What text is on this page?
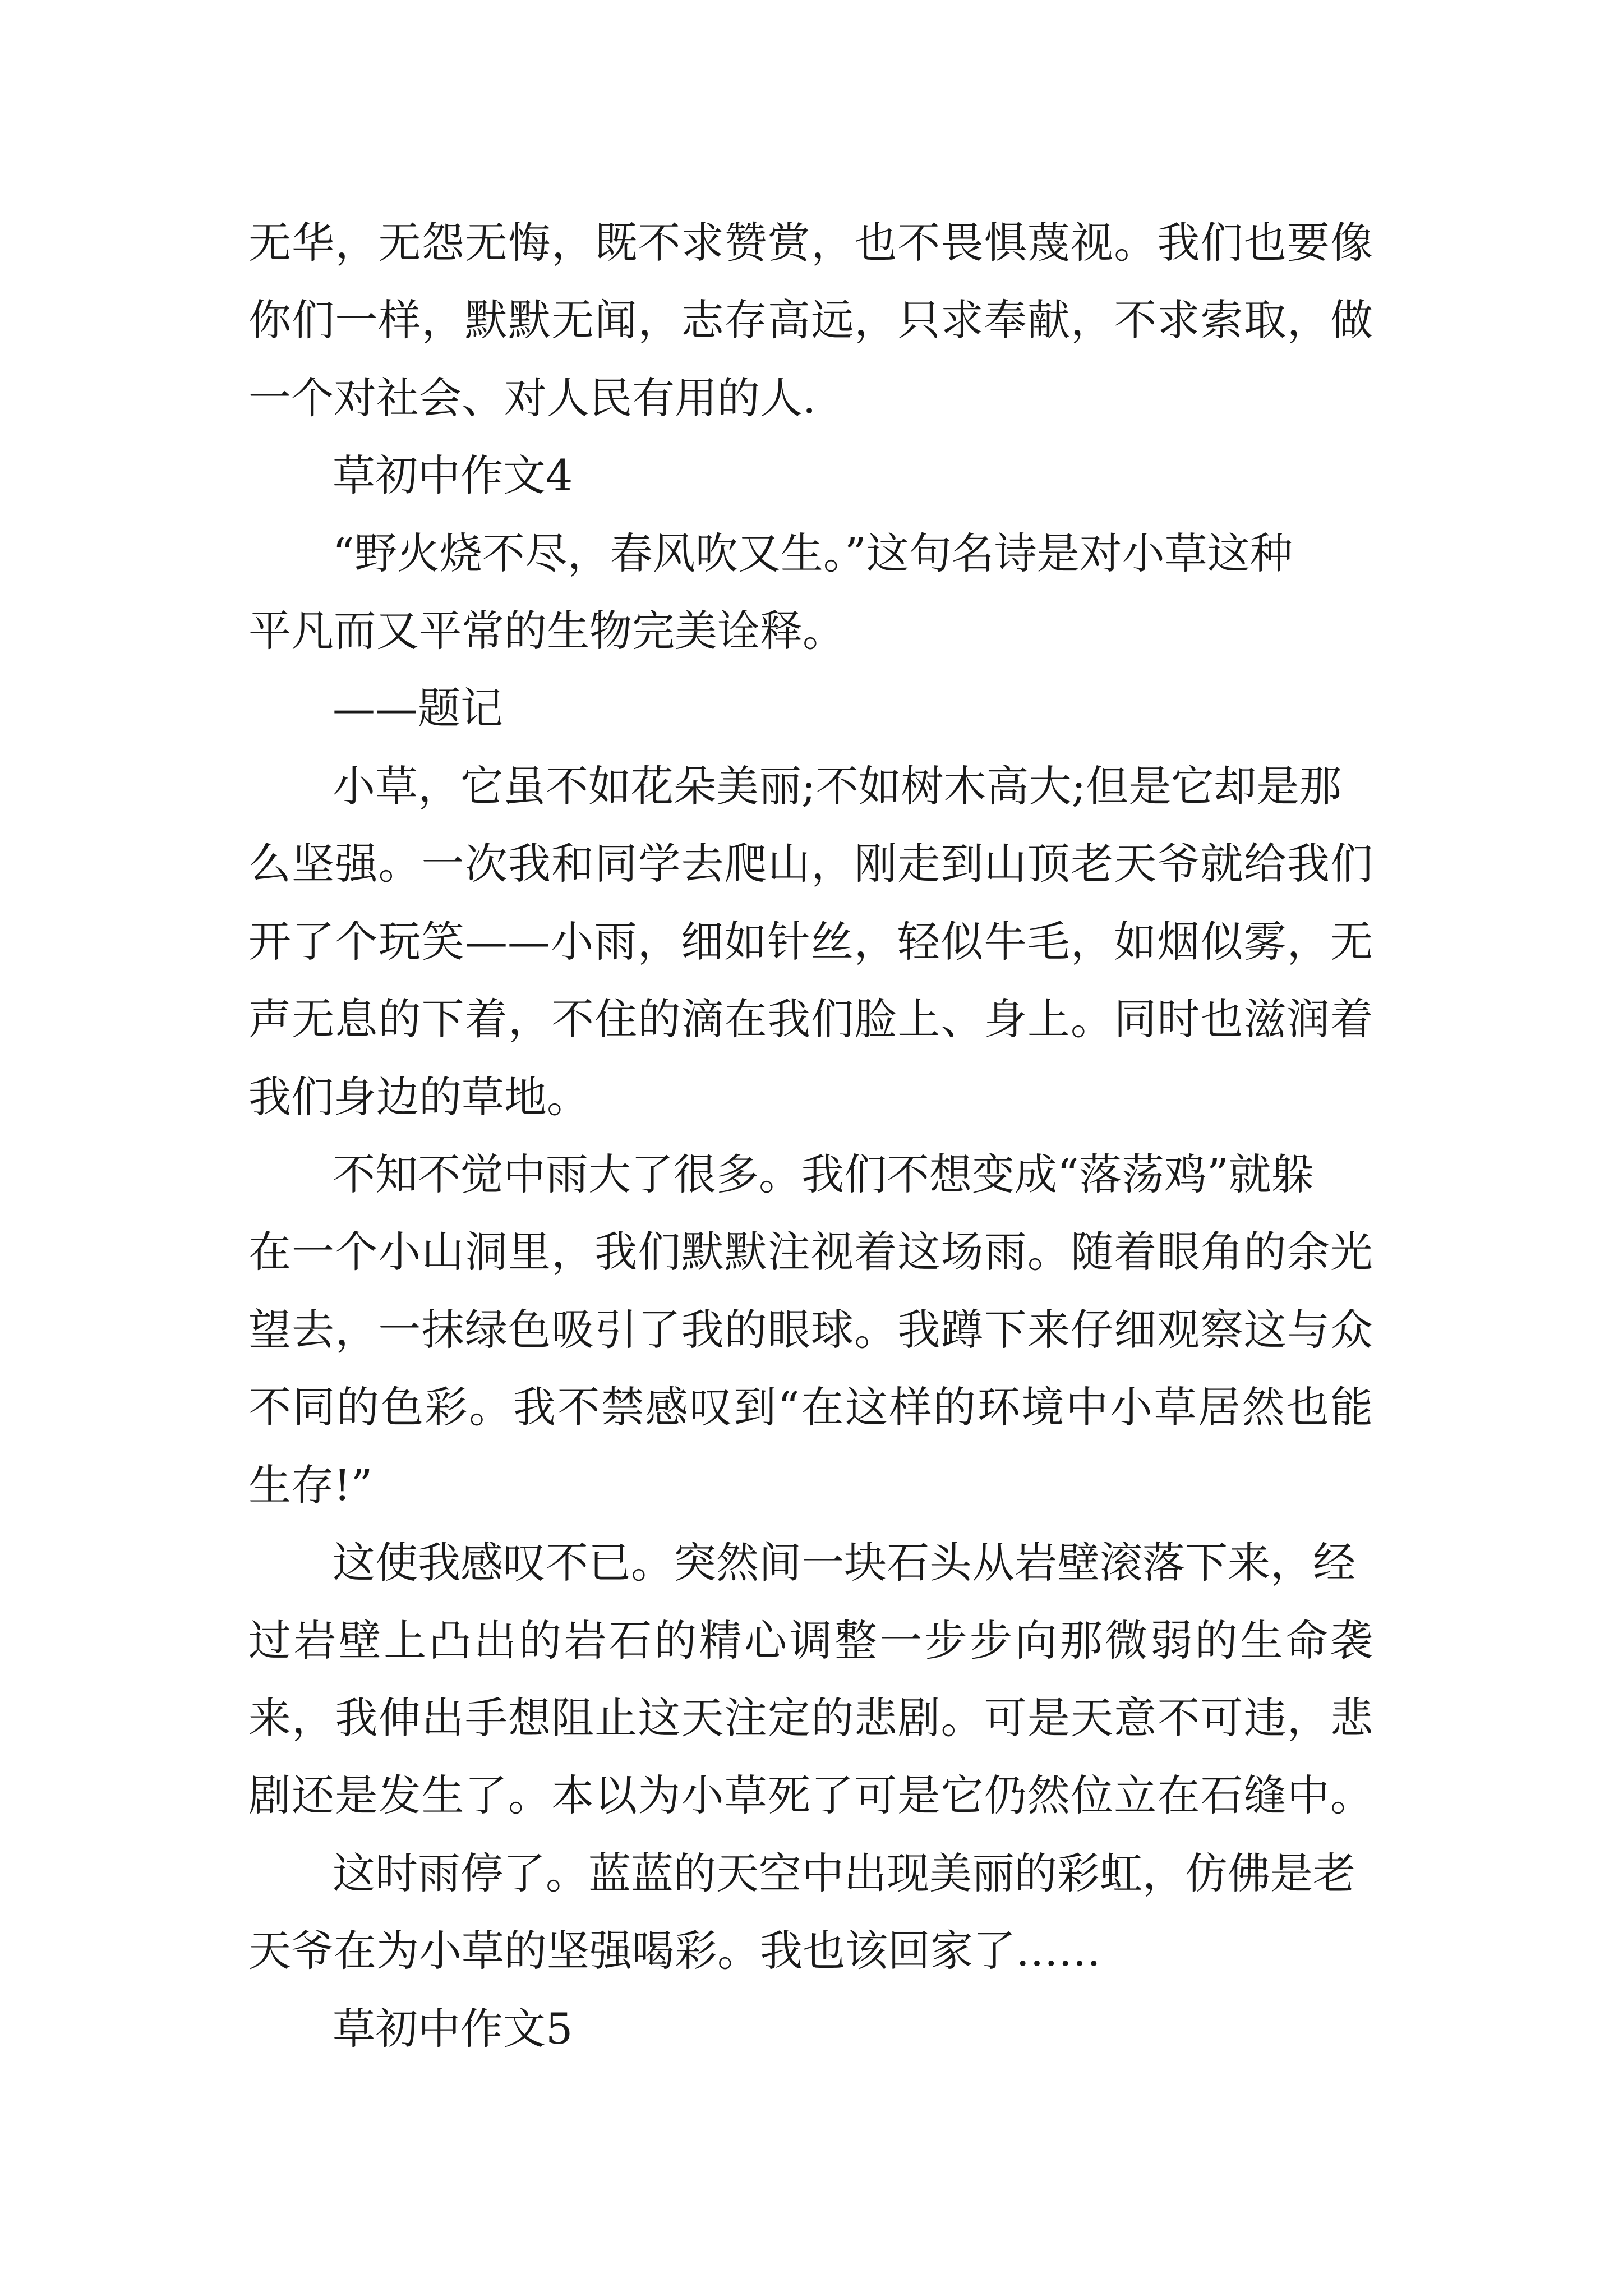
无华，无怨无悔，既不求赞赏，也不畏惧蔑视。我们也要像

你们一样，默默无闻，志存高远，只求奉献，不求索取，做

一个对社会、对人民有用的人.

草初中作文4

“野火烧不尽，春风吹又生。”这句名诗是对小草这种

平凡而又平常的生物完美诠释。

——题记

小草，它虽不如花朵美丽;不如树木高大;但是它却是那

么坚强。一次我和同学去爬山，刚走到山顶老天爷就给我们

开了个玩笑——小雨，细如针丝，轻似牛毛，如烟似雾，无

声无息的下着，不住的滴在我们脸上、身上。同时也滋润着

我们身边的草地。

不知不觉中雨大了很多。我们不想变成“落荡鸡”就躲

在一个小山洞里，我们默默注视着这场雨。随着眼角的余光

望去，一抹绿色吸引了我的眼球。我蹲下来仔细观察这与众

不同的色彩。我不禁感叹到“在这样的环境中小草居然也能

生存!”

这使我感叹不已。突然间一块石头从岩壁滚落下来，经

过岩壁上凸出的岩石的精心调整一步步向那微弱的生命袭

来，我伸出手想阻止这天注定的悲剧。可是天意不可违，悲

剧还是发生了。本以为小草死了可是它仍然位立在石缝中。

这时雨停了。蓝蓝的天空中出现美丽的彩虹，仿佛是老

天爷在为小草的坚强喝彩。我也该回家了……

草初中作文5
